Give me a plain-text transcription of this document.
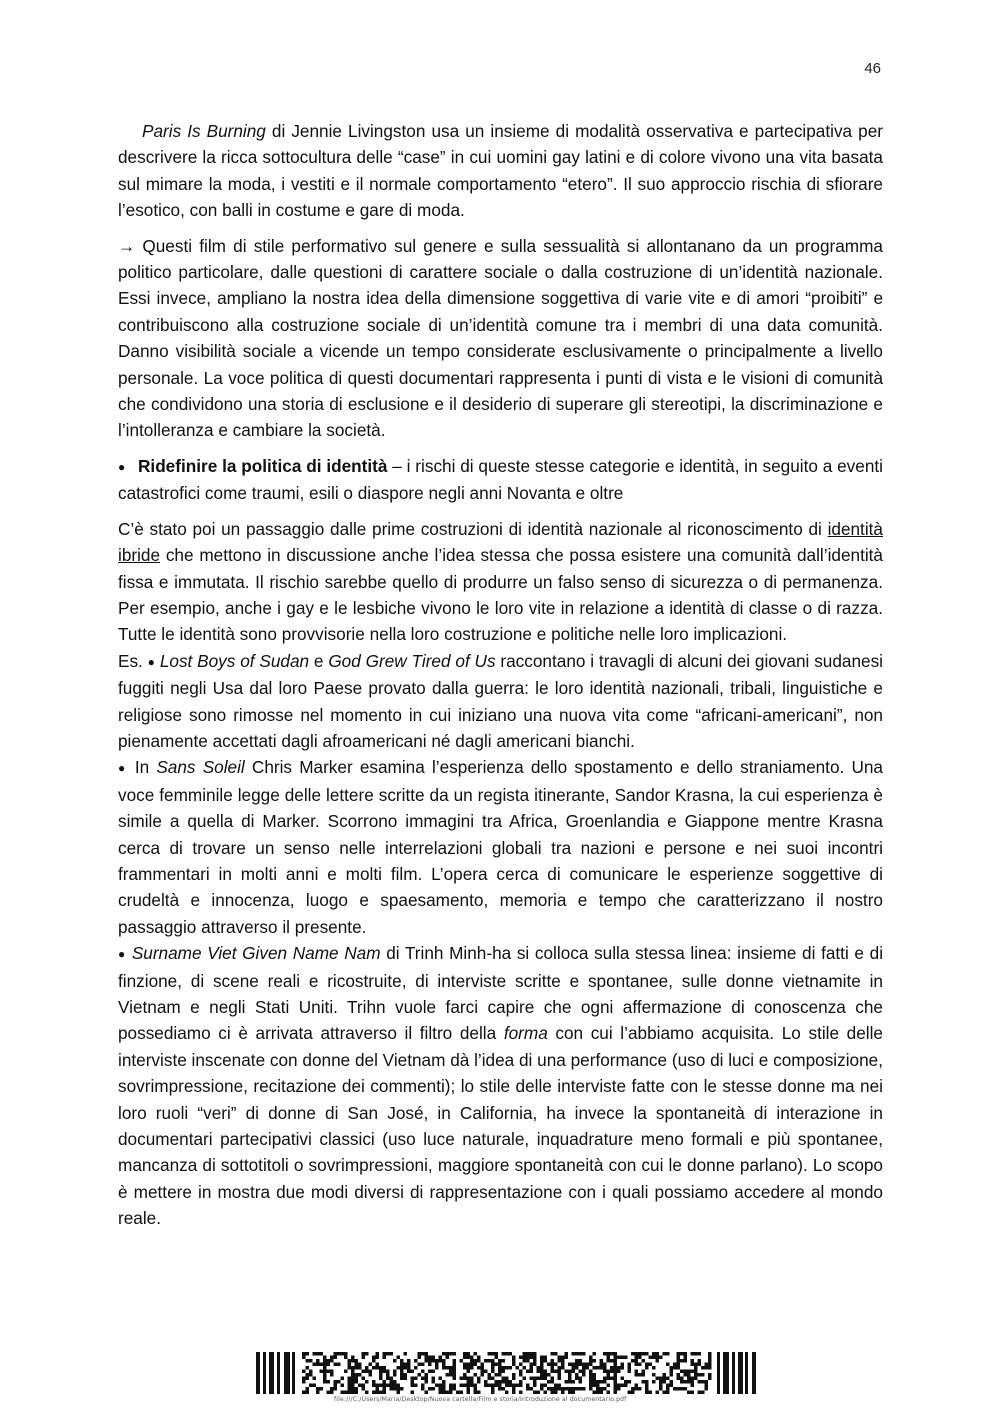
46

Paris Is Burning di Jennie Livingston usa un insieme di modalità osservativa e partecipativa per descrivere la ricca sottocultura delle “case” in cui uomini gay latini e di colore vivono una vita basata sul mimare la moda, i vestiti e il normale comportamento “etero”. Il suo approccio rischia di sfiorare l’esotico, con balli in costume e gare di moda.

→ Questi film di stile performativo sul genere e sulla sessualità si allontanano da un programma politico particolare, dalle questioni di carattere sociale o dalla costruzione di un’identità nazionale. Essi invece, ampliano la nostra idea della dimensione soggettiva di varie vite e di amori “proibiti” e contribuiscono alla costruzione sociale di un’identità comune tra i membri di una data comunità. Danno visibilità sociale a vicende un tempo considerate esclusivamente o principalmente a livello personale. La voce politica di questi documentari rappresenta i punti di vista e le visioni di comunità che condividono una storia di esclusione e il desiderio di superare gli stereotipi, la discriminazione e l’intolleranza e cambiare la società.

● Ridefinire la politica di identità – i rischi di queste stesse categorie e identità, in seguito a eventi catastrofici come traumi, esili o diaspore negli anni Novanta e oltre

C’è stato poi un passaggio dalle prime costruzioni di identità nazionale al riconoscimento di identità ibride che mettono in discussione anche l’idea stessa che possa esistere una comunità dall’identità fissa e immutata. Il rischio sarebbe quello di produrre un falso senso di sicurezza o di permanenza. Per esempio, anche i gay e le lesbiche vivono le loro vite in relazione a identità di classe o di razza. Tutte le identità sono provvisorie nella loro costruzione e politiche nelle loro implicazioni.

Es. ● Lost Boys of Sudan e God Grew Tired of Us raccontano i travagli di alcuni dei giovani sudanesi fuggiti negli Usa dal loro Paese provato dalla guerra: le loro identità nazionali, tribali, linguistiche e religiose sono rimosse nel momento in cui iniziano una nuova vita come “africani-americani”, non pienamente accettati dagli afroamericani né dagli americani bianchi.

● In Sans Soleil Chris Marker esamina l’esperienza dello spostamento e dello straniamento. Una voce femminile legge delle lettere scritte da un regista itinerante, Sandor Krasna, la cui esperienza è simile a quella di Marker. Scorrono immagini tra Africa, Groenlandia e Giappone mentre Krasna cerca di trovare un senso nelle interrelazioni globali tra nazioni e persone e nei suoi incontri frammentari in molti anni e molti film. L’opera cerca di comunicare le esperienze soggettive di crudeltà e innocenza, luogo e spaesamento, memoria e tempo che caratterizzano il nostro passaggio attraverso il presente.

● Surname Viet Given Name Nam di Trinh Minh-ha si colloca sulla stessa linea: insieme di fatti e di finzione, di scene reali e ricostruite, di interviste scritte e spontanee, sulle donne vietnamite in Vietnam e negli Stati Uniti. Trihn vuole farci capire che ogni affermazione di conoscenza che possediamo ci è arrivata attraverso il filtro della forma con cui l’abbiamo acquisita. Lo stile delle interviste inscenate con donne del Vietnam dà l’idea di una performance (uso di luci e composizione, sovrimpressione, recitazione dei commenti); lo stile delle interviste fatte con le stesse donne ma nei loro ruoli “veri” di donne di San José, in California, ha invece la spontaneità di interazione in documentari partecipativi classici (uso luce naturale, inquadrature meno formali e più spontanee, mancanza di sottotitoli o sovrimpressioni, maggiore spontaneità con cui le donne parlano). Lo scopo è mettere in mostra due modi diversi di rappresentazione con i quali possiamo accedere al mondo reale.

file:///C:/Users/Maria/Desktop/Nuova cartella/Film e storia/Introduzione al documentario.pdf
